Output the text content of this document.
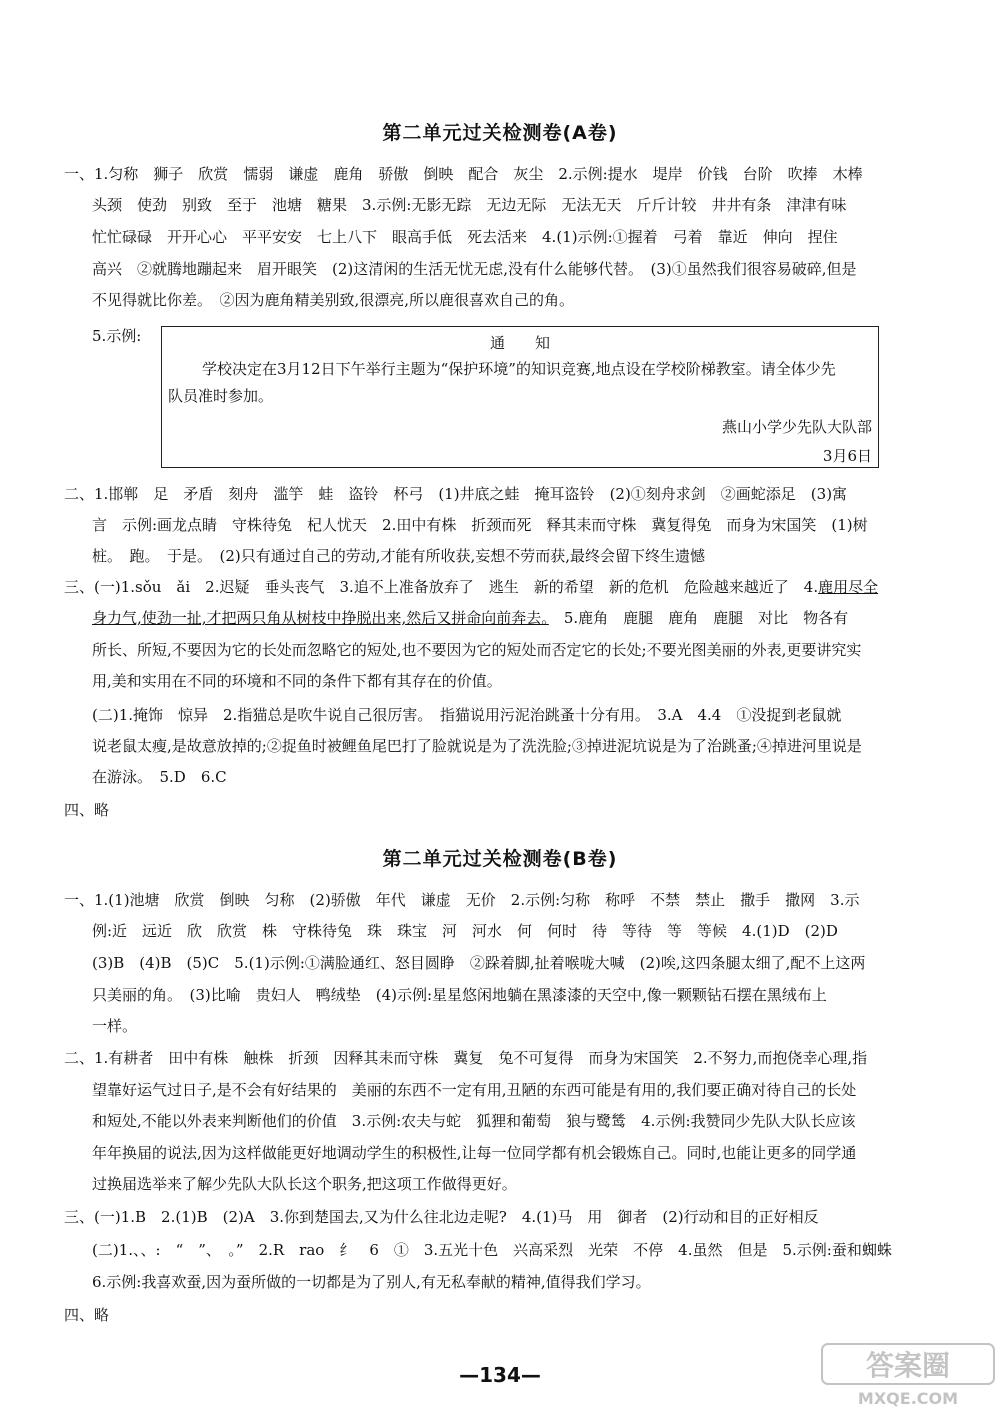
第二单元过关检测卷(A卷)
一、1.匀称　狮子　欣赏　懦弱　谦虚　鹿角　骄傲　倒映　配合　灰尘　2.示例:提水　堤岸　价钱　台阶　吹捧　木棒
头颈　使劲　别致　至于　池塘　糖果　3.示例:无影无踪　无边无际　无法无天　斤斤计较　井井有条　津津有味
忙忙碌碌　开开心心　平平安安　七上八下　眼高手低　死去活来　4.(1)示例:①握着　弓着　靠近　伸向　捏住
高兴　②就腾地蹦起来　眉开眼笑　(2)这清闲的生活无忧无虑,没有什么能够代替。　(3)①虽然我们很容易破碎,但是
不见得就比你差。　②因为鹿角精美别致,很漂亮,所以鹿很喜欢自己的角。
5.示例:	通　　知
学校决定在3月12日下午举行主题为“保护环境”的知识竞赛,地点设在学校阶梯教室。请全体少先
队员准时参加。
燕山小学少先队大队部
3月6日
二、1.邯郸　足　矛盾　刻舟　滥竽　蛙　盗铃　杯弓　(1)井底之蛙　掩耳盗铃　(2)①刻舟求剑　②画蛇添足　(3)寓
言　示例:画龙点睛　守株待兔　杞人忧天　2.田中有株　折颈而死　释其耒而守株　冀复得兔　而身为宋国笑　(1)树
桩。　跑。　于是。　(2)只有通过自己的劳动,才能有所收获,妄想不劳而获,最终会留下终生遗憾
三、(一)1.sǒu　ǎi　2.迟疑　垂头丧气　3.追不上准备放弃了　逃生　新的希望　新的危机　危险越来越近了　4.鹿用尽全
身力气,使劲一扯,才把两只角从树枝中挣脱出来,然后又拼命向前奔去。　5.鹿角　鹿腿　鹿角　鹿腿　对比　物各有
所长、所短,不要因为它的长处而忽略它的短处,也不要因为它的短处而否定它的长处;不要光图美丽的外表,更要讲究实
用,美和实用在不同的环境和不同的条件下都有其存在的价值。
(二)1.掩饰　惊异　2.指猫总是吹牛说自己很厉害。　指猫说用污泥治跳蚤十分有用。　3.A　4.4　①没捉到老鼠就
说老鼠太瘦,是故意放掉的;②捉鱼时被鲤鱼尾巴打了脸就说是为了洗洗脸;③掉进泥坑说是为了治跳蚤;④掉进河里说是
在游泳。　5.D　6.C
四、略
第二单元过关检测卷(B卷)
一、1.(1)池塘　欣赏　倒映　匀称　(2)骄傲　年代　谦虚　无价　2.示例:匀称　称呼　不禁　禁止　撒手　撒网　3.示
例:近　远近　欣　欣赏　株　守株待兔　珠　珠宝　河　河水　何　何时　待　等待　等　等候　4.(1)D　(2)D
(3)B　(4)B　(5)C　5.(1)示例:①满脸通红、怒目圆睁　②跺着脚,扯着喉咙大喊　(2)唉,这四条腿太细了,配不上这两
只美丽的角。　(3)比喻　贵妇人　鸭绒垫　(4)示例:星星悠闲地躺在黑漆漆的天空中,像一颗颗钻石摆在黑绒布上
一样。
二、1.有耕者　田中有株　触株　折颈　因释其耒而守株　冀复　兔不可复得　而身为宋国笑　2.不努力,而抱侥幸心理,指
望靠好运气过日子,是不会有好结果的　美丽的东西不一定有用,丑陋的东西可能是有用的,我们要正确对待自己的长处
和短处,不能以外表来判断他们的价值　3.示例:农夫与蛇　狐狸和葡萄　狼与鹭鸶　4.示例:我赞同少先队大队长应该
年年换届的说法,因为这样做能更好地调动学生的积极性,让每一位同学都有机会锻炼自己。同时,也能让更多的同学通
过换届选举来了解少先队大队长这个职务,把这项工作做得更好。
三、(一)1.B　2.(1)B　(2)A　3.你到楚国去,又为什么往北边走呢?　4.(1)马　用　御者　(2)行动和目的正好相反
(二)1.、、:　“　”、　。”　2.R　rao　纟　6　①　3.五光十色　兴高采烈　光荣　不停　4.虽然　但是　5.示例:蚕和蜘蛛
6.示例:我喜欢蚕,因为蚕所做的一切都是为了别人,有无私奉献的精神,值得我们学习。
四、略
—134—	答案圈
MXQE.COM
